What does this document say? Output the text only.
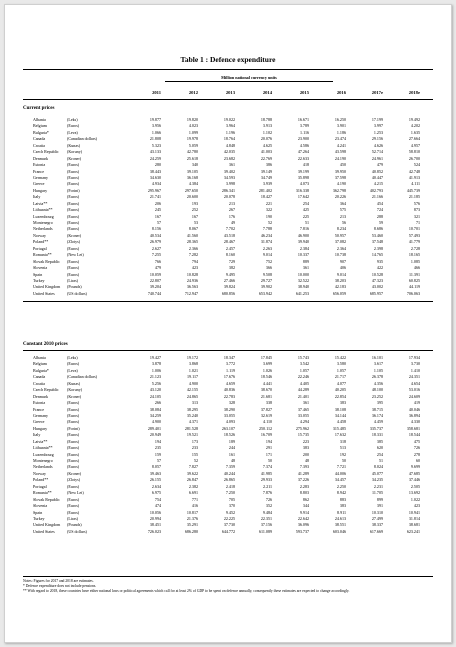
Table 1 : Defence expenditure
Million national currency units
2011	2012	2013	2014	2015	2016	2017e	2018e
Current prices
Albania	(Leks)	19.877	19.820	19.022	18.788	16.671	16.250	17.199	19.492
Belgium	(Euros)	3.956	4.023	3.964	3.913	3.789	3.901	3.997	4.202
Bulgaria*	(Leva)	1.066	1.099	1.196	1.102	1.116	1.186	1.253	1.635
Canada	(Canadian dollars)	21.808	19.978	18.764	20.076	23.900	23.474	29.156	27.664
Croatia	(Kunas)	5.323	5.059	4.848	4.625	4.586	4.241	4.626	4.957
Czech Republic (Koruny)	43.133	42.780	42.035	41.003	47.264	43.598	52.714	58.810
Denmark	(Kroner)	24.259	25.618	23.682	22.769	22.633	24.190	24.961	26.700
Estonia	(Euros)	280	340	361	386	418	450	479	524
France	(Euros)	38.443	39.105	39.402	39.149	39.199	39.950	40.852	42.748
Germany	(Euros)	34.630	36.168	34.593	34.749	35.898	37.598	40.447	41.913
Greece	(Euros)	4.934	4.384	3.998	3.939	4.073	4.190	4.215	4.111
Hungary	(Forint)	295.967	297.650	286.341	281.402	316.338	362.798	402.793	445.739
Italy	(Euros)	21.741	20.600	20.078	18.427	17.642	20.226	21.166	21.185
Latvia**	(Euros)	206	193	213	221	254	364	454	576
Lithuania**	(Euros)	245	252	267	322	425	575	724	873
Luxembourg	(Euros)	167	167	176	190	225	213	288	321
Montenegro	(Euros)	57	53	49	52	51	56	59	71
Netherlands	(Euros)	8.156	8.067	7.702	7.788	7.816	8.234	8.686	10.701
Norway	(Kroner)	40.534	41.560	43.518	46.234	46.900	50.957	53.460	57.493
Poland**	(Zlotys)	26.979	28.365	28.467	31.874	39.940	37.082	37.548	41.779
Portugal	(Euros)	2.627	2.366	2.457	2.263	2.384	2.364	2.398	2.728
Romania**	(New Lei)	7.255	7.282	8.160	9.014	10.337	10.738	14.765	18.165
Slovak Republic (Euros)	766	794	729	752	889	907	935	1.085
Slovenia	(Euros)	479	423	382	366	361	406	422	466
Spain	(Euros)	10.059	10.828	9.495	9.508	10.000	9.014	10.528	11.391
Turkey	(Liras)	22.807	24.936	27.466	29.727	32.522	38.203	47.323	60.825
United Kingdom (Pounds)	39.204	36.563	39.824	39.902	38.940	42.183	43.002	44.119
United States	(US dollars)	740.744	712.947	680.856	653.942	641.253	656.059	685.957	706.063
Constant 2010 prices
Albania	(Leks)	19.427	19.172	18.347	17.845	15.743	15.422	16.101	17.934
Belgium	(Euros)	3.878	3.868	3.772	3.699	3.542	3.580	3.617	3.730
Bulgaria*	(Leva)	1.006	1.021	1.119	1.026	1.057	1.057	1.105	1.410
Canada	(Canadian dollars)	21.123	19.117	17.676	18.546	22.246	21.717	26.378	24.351
Croatia	(Kunas)	5.256	4.900	4.659	4.441	4.405	4.077	4.356	4.654
Czech Republic (Koruny)	43.120	42.155	40.836	38.670	44.289	40.205	48.100	53.016
Denmark	(Kroner)	24.105	24.865	22.783	21.681	21.401	22.854	23.252	24.609
Estonia	(Euros)	266	313	328	338	361	383	395	419
France	(Euros)	38.084	38.295	38.290	37.827	37.465	38.108	38.715	40.046
Germany	(Euros)	34.259	35.240	33.055	32.619	33.055	34.144	36.174	36.894
Greece	(Euros)	4.900	4.371	4.093	4.110	4.294	4.458	4.459	4.330
Hungary	(Forint)	289.401	281.528	263.107	250.112	275.962	315.485	335.737	358.681
Italy	(Euros)	20.949	19.521	18.526	16.709	15.735	17.632	18.331	18.544
Latvia**	(Euros)	194	173	189	194	223	318	385	475
Lithuania**	(Euros)	235	233	244	291	383	513	620	726
Luxembourg	(Euros)	159	155	161	171	200	192	254	278
Montenegro	(Euros)	57	52	48	50	48	50	51	60
Netherlands	(Euros)	8.057	7.827	7.359	7.374	7.393	7.721	8.024	9.699
Norway	(Kroner)	39.463	39.622	40.244	41.985	41.289	44.006	45.077	47.685
Poland**	(Zlotys)	26.155	26.847	26.865	29.933	37.226	34.457	34.235	37.446
Portugal	(Euros)	2.634	2.382	2.418	2.211	2.283	2.250	2.231	2.505
Romania**	(New Lei)	6.975	6.691	7.250	7.876	8.803	8.942	11.705	13.692
Slovak Republic (Euros)	754	771	705	726	862	883	899	1.022
Slovenia	(Euros)	474	416	370	352	344	383	391	423
Spain	(Euros)	10.056	10.817	9.452	9.484	9.914	8.911	10.310	10.941
Turkey	(Liras)	20.994	21.376	22.225	22.351	22.642	24.613	27.499	31.814
United Kingdom (Pounds)	38.451	35.291	37.730	37.156	36.096	38.551	38.337	38.681
United States	(US dollars)	726.023	686.280	644.772	611.089	593.737	603.046	617.669	623.241
Notes: Figures for 2017 and 2018 are estimates.
* Defence expenditure does not include pensions.
** With regard to 2018, these countries have either national laws or political agreements which call for at least 2% of GDP to be spent on defence annually, consequently these estimates are expected to change accordingly.
